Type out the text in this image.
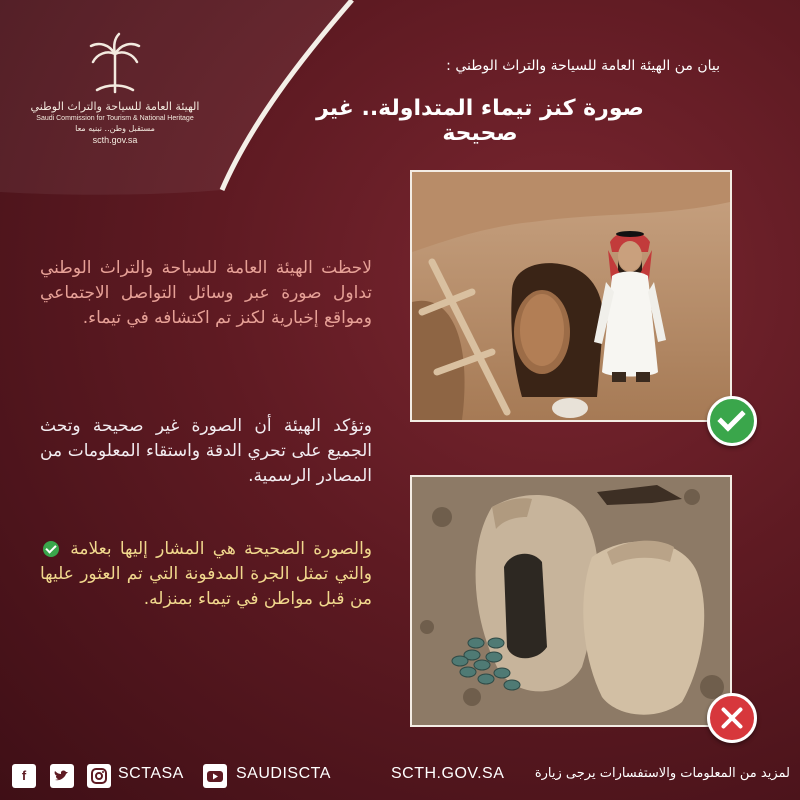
الهيئة العامة للسياحة والتراث الوطني
Saudi Commission for Tourism & National Heritage
مستقبل وطن.. نبنيه معا
scth.gov.sa
بيان من الهيئة العامة للسياحة والتراث الوطني :
صورة كنز تيماء المتداولة.. غير صحيحة
لاحظت الهيئة العامة للسياحة والتراث الوطني تداول صورة عبر وسائل التواصل الاجتماعي ومواقع إخبارية لكنز تم اكتشافه في تيماء.
وتؤكد الهيئة أن الصورة غير صحيحة وتحث الجميع على تحري الدقة واستقاء المعلومات من المصادر الرسمية.
والصورة الصحيحة هي المشار إليها بعلامة  والتي تمثل الجرة المدفونة التي تم العثور عليها من قبل مواطن في تيماء بمنزله.
f	SCTASA	SAUDISCTA	SCTH.GOV.SA لمزيد من المعلومات والاستفسارات يرجى زيارة
